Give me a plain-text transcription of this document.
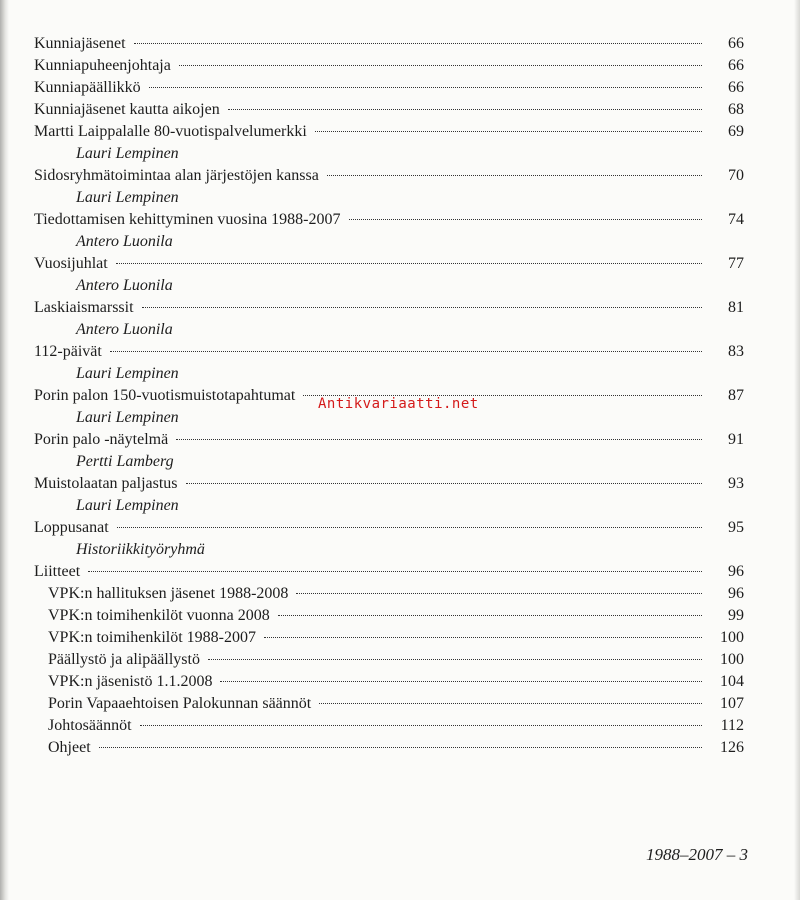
Kunniajäsenet	66
Kunniapuheenjohtaja	66
Kunniapäällikkö	66
Kunniajäsenet kautta aikojen	68
Martti Laippalalle 80-vuotispalvelumerkki	69
Lauri Lempinen
Sidosryhmätoimintaa alan järjestöjen kanssa	70
Lauri Lempinen
Tiedottamisen kehittyminen vuosina 1988-2007	74
Antero Luonila
Vuosijuhlat	77
Antero Luonila
Laskiaismarssit	81
Antero Luonila
112-päivät	83
Lauri Lempinen
Porin palon 150-vuotismuistotapahtumat	87
Lauri Lempinen
Porin palo -näytelmä	91
Pertti Lamberg
Muistolaatan paljastus	93
Lauri Lempinen
Loppusanat	95
Historiikkityöryhmä
Liitteet	96
VPK:n hallituksen jäsenet 1988-2008	96
VPK:n toimihenkilöt vuonna 2008	99
VPK:n toimihenkilöt 1988-2007	100
Päällystö ja alipäällystö	100
VPK:n jäsenistö 1.1.2008	104
Porin Vapaaehtoisen Palokunnan säännöt	107
Johtosäännöt	112
Ohjeet	126
Antikvariaatti.net
1988–2007 – 3
